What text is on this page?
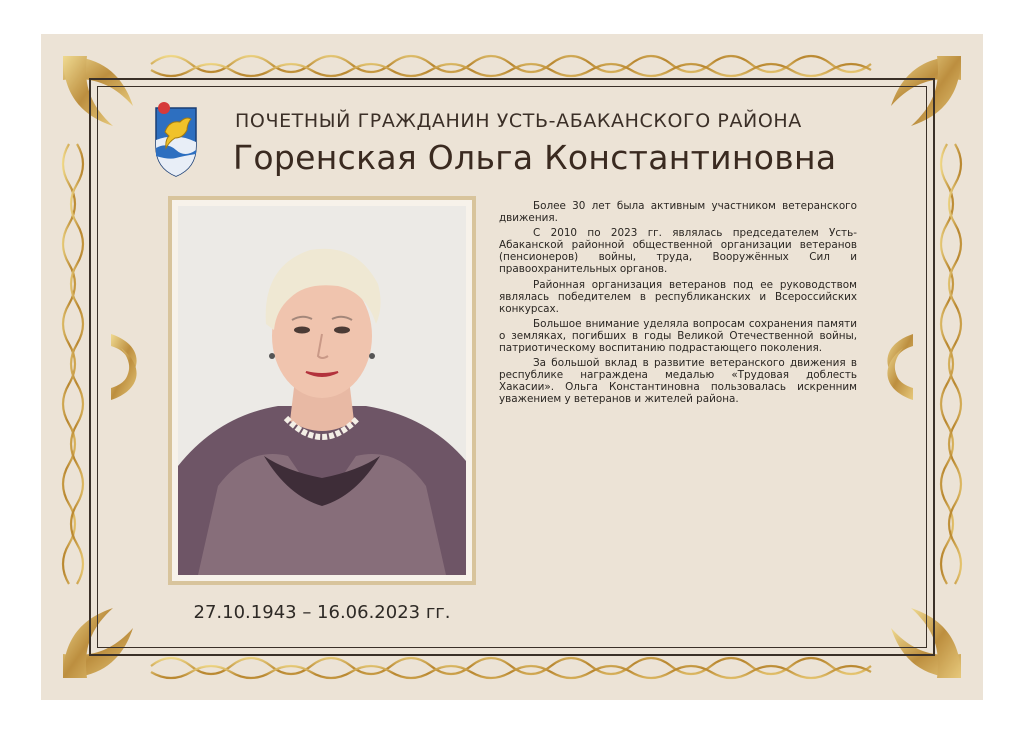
ПОЧЕТНЫЙ ГРАЖДАНИН УСТЬ-АБАКАНСКОГО РАЙОНА
Горенская Ольга Константиновна
27.10.1943 – 16.06.2023 гг.

Более 30 лет была активным участником ветеранского движения.

С 2010 по 2023 гг. являлась председателем Усть-Абаканской районной общественной организации ветеранов (пенсионеров) войны, труда, Вооружённых Сил и правоохранительных органов.

Районная организация ветеранов под ее руководством являлась победителем в республиканских и Всероссийских конкурсах.

Большое внимание уделяла вопросам сохранения памяти о земляках, погибших в годы Великой Отечественной войны, патриотическому воспитанию подрастающего поколения.

За большой вклад в развитие ветеранского движения в республике награждена медалью «Трудовая доблесть Хакасии». Ольга Константиновна пользовалась искренним уважением у ветеранов и жителей района.
